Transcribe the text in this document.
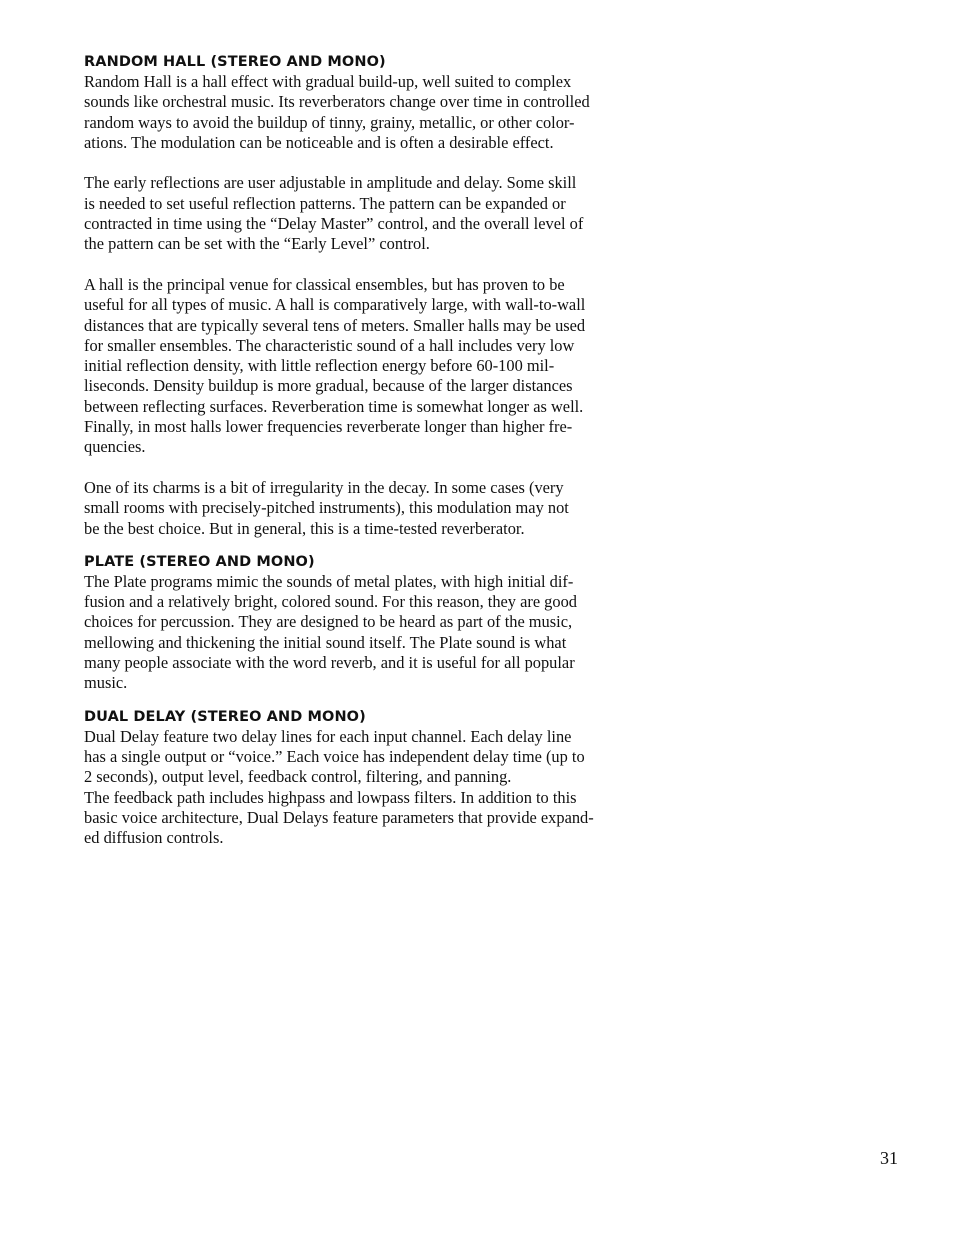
RANDOM HALL (STEREO AND MONO)

Random Hall is a hall effect with gradual build-up, well suited to complex
sounds like orchestral music. Its reverberators change over time in controlled
random ways to avoid the buildup of tinny, grainy, metallic, or other color-
ations. The modulation can be noticeable and is often a desirable effect.

The early reflections are user adjustable in amplitude and delay. Some skill
is needed to set useful reflection patterns. The pattern can be expanded or
contracted in time using the “Delay Master” control, and the overall level of
the pattern can be set with the “Early Level” control.

A hall is the principal venue for classical ensembles, but has proven to be
useful for all types of music. A hall is comparatively large, with wall-to-wall
distances that are typically several tens of meters. Smaller halls may be used
for smaller ensembles. The characteristic sound of a hall includes very low
initial reflection density, with little reflection energy before 60-100 mil-
liseconds. Density buildup is more gradual, because of the larger distances
between reflecting surfaces. Reverberation time is somewhat longer as well.
Finally, in most halls lower frequencies reverberate longer than higher fre-
quencies.

One of its charms is a bit of irregularity in the decay. In some cases (very
small rooms with precisely-pitched instruments), this modulation may not
be the best choice. But in general, this is a time-tested reverberator.

PLATE (STEREO AND MONO)

The Plate programs mimic the sounds of metal plates, with high initial dif-
fusion and a relatively bright, colored sound. For this reason, they are good
choices for percussion. They are designed to be heard as part of the music,
mellowing and thickening the initial sound itself. The Plate sound is what
many people associate with the word reverb, and it is useful for all popular
music.

DUAL DELAY (STEREO AND MONO)

Dual Delay feature two delay lines for each input channel. Each delay line
has a single output or “voice.” Each voice has independent delay time (up to
2 seconds), output level, feedback control, filtering, and panning.
The feedback path includes highpass and lowpass filters. In addition to this
basic voice architecture, Dual Delays feature parameters that provide expand-
ed diffusion controls.

31
